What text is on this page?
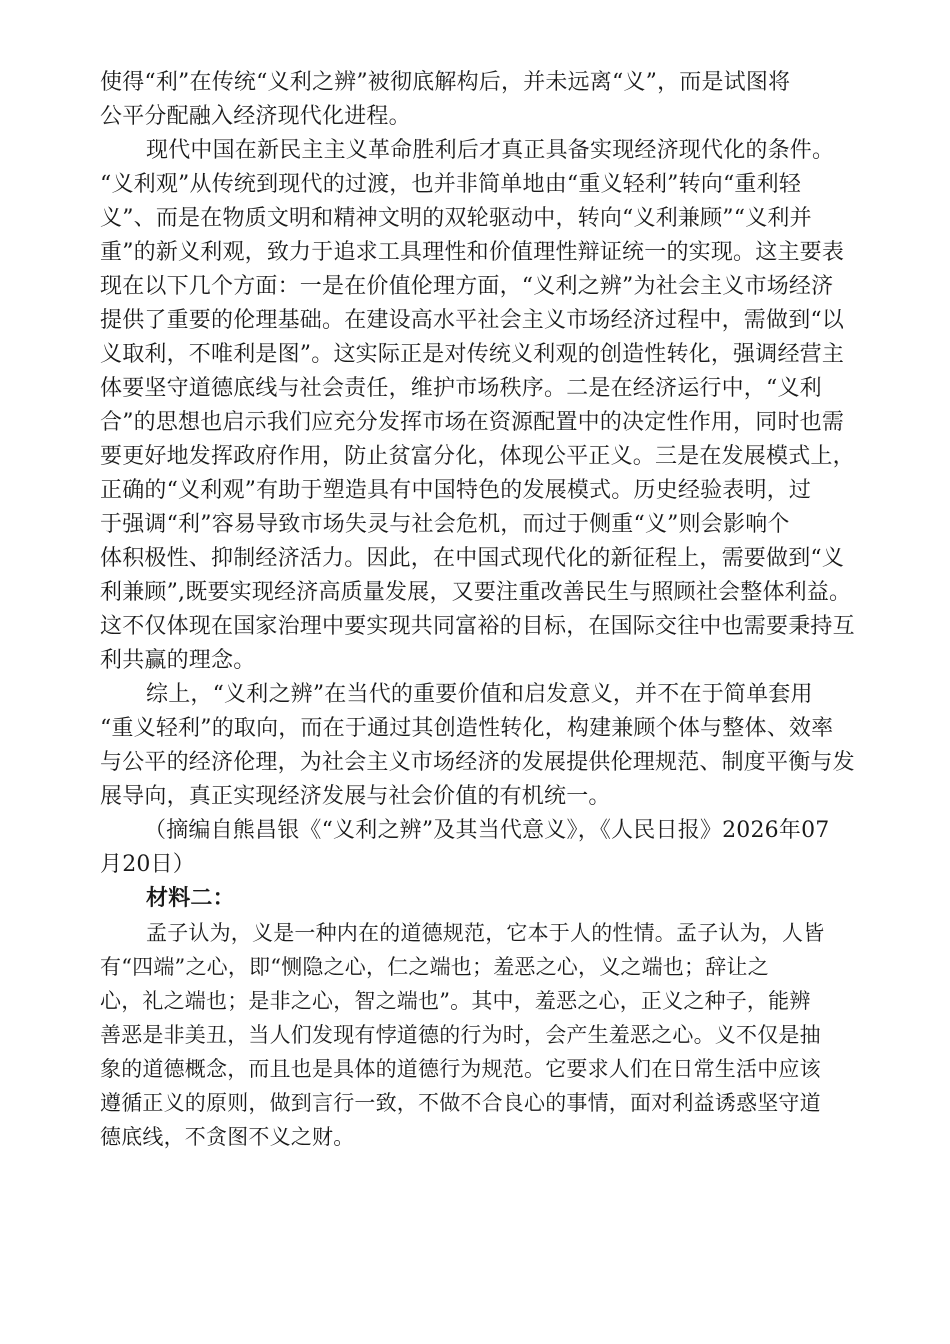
使得“利”在传统“义利之辨”被彻底解构后，并未远离“义”，而是试图将
公平分配融入经济现代化进程。
现代中国在新民主主义革命胜利后才真正具备实现经济现代化的条件。
“义利观”从传统到现代的过渡，也并非简单地由“重义轻利”转向“重利轻
义”、而是在物质文明和精神文明的双轮驱动中，转向“义利兼顾”“义利并
重”的新义利观，致力于追求工具理性和价值理性辩证统一的实现。这主要表
现在以下几个方面：一是在价值伦理方面，“义利之辨”为社会主义市场经济
提供了重要的伦理基础。在建设高水平社会主义市场经济过程中，需做到“以
义取利，不唯利是图”。这实际正是对传统义利观的创造性转化，强调经营主
体要坚守道德底线与社会责任，维护市场秩序。二是在经济运行中，“义利
合”的思想也启示我们应充分发挥市场在资源配置中的决定性作用，同时也需
要更好地发挥政府作用，防止贫富分化，体现公平正义。三是在发展模式上，
正确的“义利观”有助于塑造具有中国特色的发展模式。历史经验表明，过
于强调“利”容易导致市场失灵与社会危机，而过于侧重“义”则会影响个
体积极性、抑制经济活力。因此，在中国式现代化的新征程上，需要做到“义
利兼顾”,既要实现经济高质量发展，又要注重改善民生与照顾社会整体利益。
这不仅体现在国家治理中要实现共同富裕的目标，在国际交往中也需要秉持互
利共赢的理念。
综上，“义利之辨”在当代的重要价值和启发意义，并不在于简单套用
“重义轻利”的取向，而在于通过其创造性转化，构建兼顾个体与整体、效率
与公平的经济伦理，为社会主义市场经济的发展提供伦理规范、制度平衡与发
展导向，真正实现经济发展与社会价值的有机统一。
（摘编自熊昌银《“义利之辨”及其当代意义》，《人民日报》2026年07
月20日）
材料二：
孟子认为，义是一种内在的道德规范，它本于人的性情。孟子认为，人皆
有“四端”之心，即“恻隐之心，仁之端也；羞恶之心，义之端也；辞让之
心，礼之端也；是非之心，智之端也”。其中，羞恶之心，正义之种子，能辨
善恶是非美丑，当人们发现有悖道德的行为时，会产生羞恶之心。义不仅是抽
象的道德概念，而且也是具体的道德行为规范。它要求人们在日常生活中应该
遵循正义的原则，做到言行一致，不做不合良心的事情，面对利益诱惑坚守道
德底线，不贪图不义之财。
